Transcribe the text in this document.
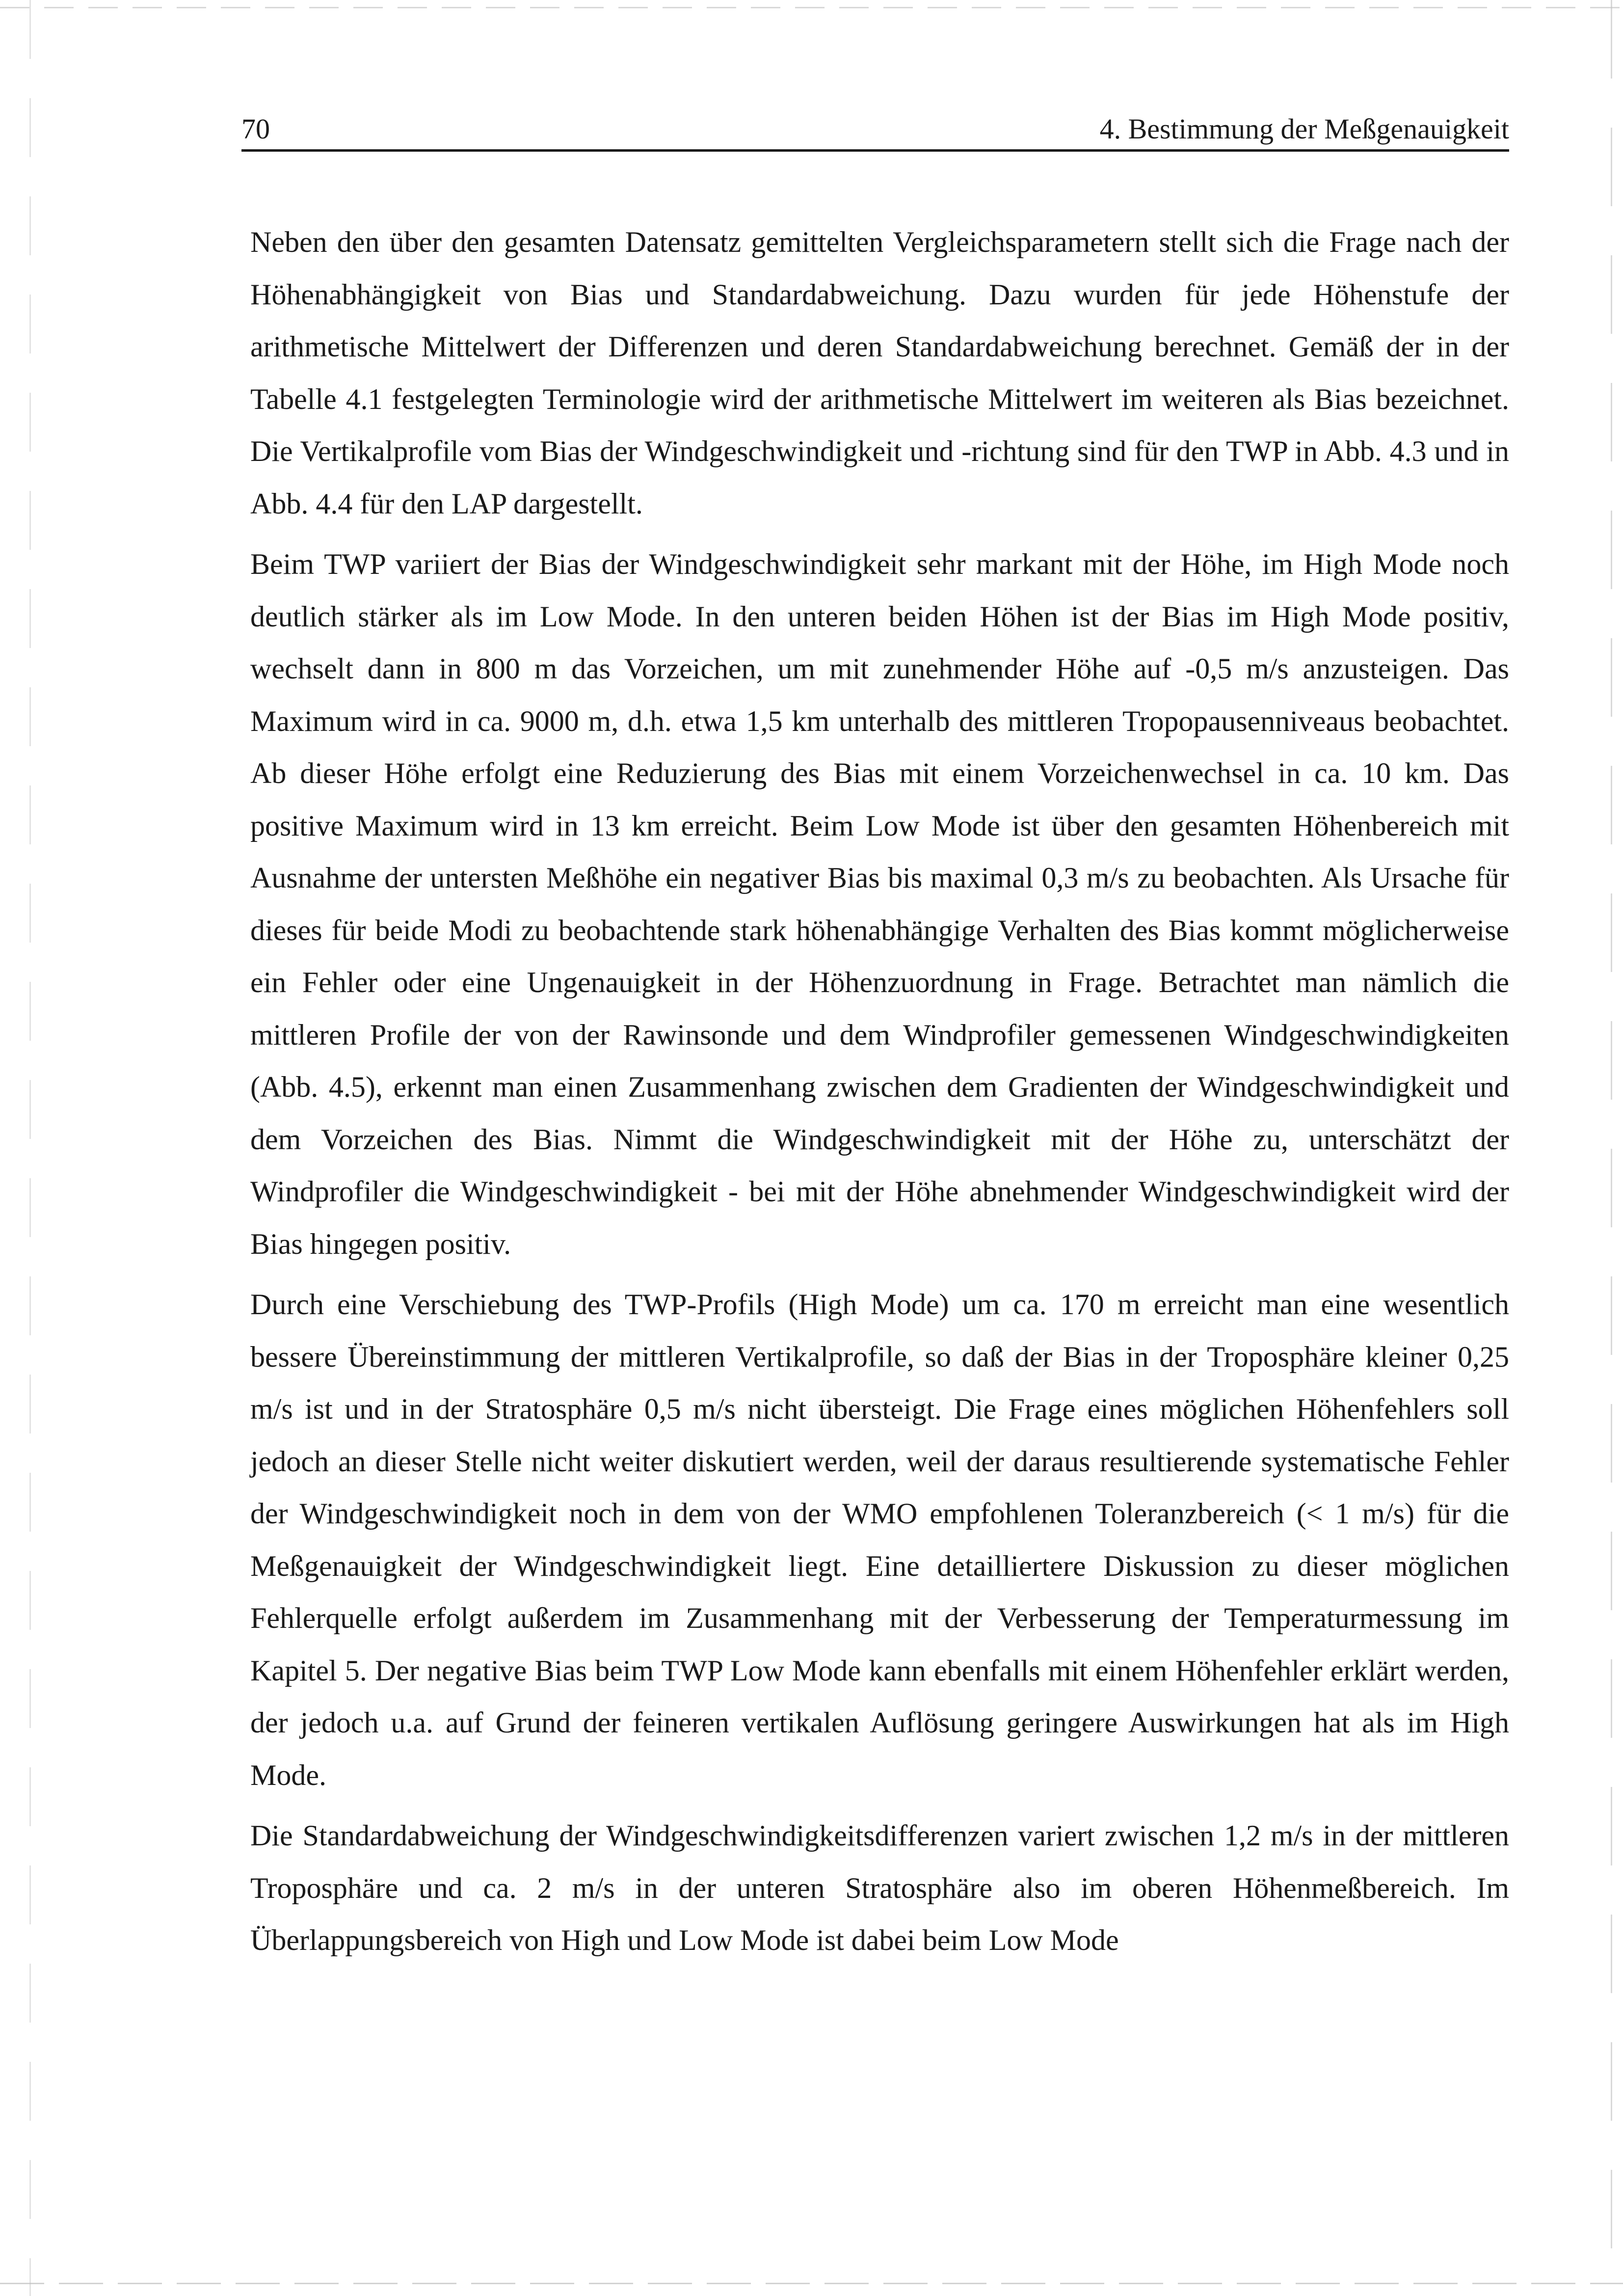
70	4. Bestimmung der Meßgenauigkeit

Neben den über den gesamten Datensatz gemittelten Vergleichsparametern stellt sich die Frage nach der Höhenabhängigkeit von Bias und Standardabweichung. Dazu wurden für jede Höhenstufe der arithmetische Mittelwert der Differenzen und deren Standardabweichung berechnet. Gemäß der in der Tabelle 4.1 festgelegten Terminologie wird der arithmetische Mittelwert im weiteren als Bias bezeichnet. Die Vertikalprofile vom Bias der Windgeschwindigkeit und -richtung sind für den TWP in Abb. 4.3 und in Abb. 4.4 für den LAP dargestellt.

Beim TWP variiert der Bias der Windgeschwindigkeit sehr markant mit der Höhe, im High Mode noch deutlich stärker als im Low Mode. In den unteren beiden Höhen ist der Bias im High Mode positiv, wechselt dann in 800 m das Vorzeichen, um mit zunehmender Höhe auf -0,5 m/s anzusteigen. Das Maximum wird in ca. 9000 m, d.h. etwa 1,5 km unterhalb des mittleren Tropopausenniveaus beobachtet. Ab dieser Höhe erfolgt eine Reduzierung des Bias mit einem Vorzeichenwechsel in ca. 10 km. Das positive Maximum wird in 13 km erreicht. Beim Low Mode ist über den gesamten Höhenbereich mit Ausnahme der untersten Meßhöhe ein negativer Bias bis maximal 0,3 m/s zu beobachten. Als Ursache für dieses für beide Modi zu beobachtende stark höhenabhängige Verhalten des Bias kommt möglicherweise ein Fehler oder eine Ungenauigkeit in der Höhenzuordnung in Frage. Betrachtet man nämlich die mittleren Profile der von der Rawinsonde und dem Windprofiler gemessenen Windgeschwindigkeiten (Abb. 4.5), erkennt man einen Zusammenhang zwischen dem Gradienten der Windgeschwindigkeit und dem Vorzeichen des Bias. Nimmt die Windgeschwindigkeit mit der Höhe zu, unterschätzt der Windprofiler die Windgeschwindigkeit - bei mit der Höhe abnehmender Windgeschwindigkeit wird der Bias hingegen positiv.

Durch eine Verschiebung des TWP-Profils (High Mode) um ca. 170 m erreicht man eine wesentlich bessere Übereinstimmung der mittleren Vertikalprofile, so daß der Bias in der Troposphäre kleiner 0,25 m/s ist und in der Stratosphäre 0,5 m/s nicht übersteigt. Die Frage eines möglichen Höhenfehlers soll jedoch an dieser Stelle nicht weiter diskutiert werden, weil der daraus resultierende systematische Fehler der Windgeschwindigkeit noch in dem von der WMO empfohlenen Toleranzbereich (< 1 m/s) für die Meßgenauigkeit der Windgeschwindigkeit liegt. Eine detailliertere Diskussion zu dieser möglichen Fehlerquelle erfolgt außerdem im Zusammenhang mit der Verbesserung der Temperaturmessung im Kapitel 5. Der negative Bias beim TWP Low Mode kann ebenfalls mit einem Höhenfehler erklärt werden, der jedoch u.a. auf Grund der feineren vertikalen Auflösung geringere Auswirkungen hat als im High Mode.

Die Standardabweichung der Windgeschwindigkeitsdifferenzen variert zwischen 1,2 m/s in der mittleren Troposphäre und ca. 2 m/s in der unteren Stratosphäre also im oberen Höhenmeßbereich. Im Überlappungsbereich von High und Low Mode ist dabei beim Low Mode
